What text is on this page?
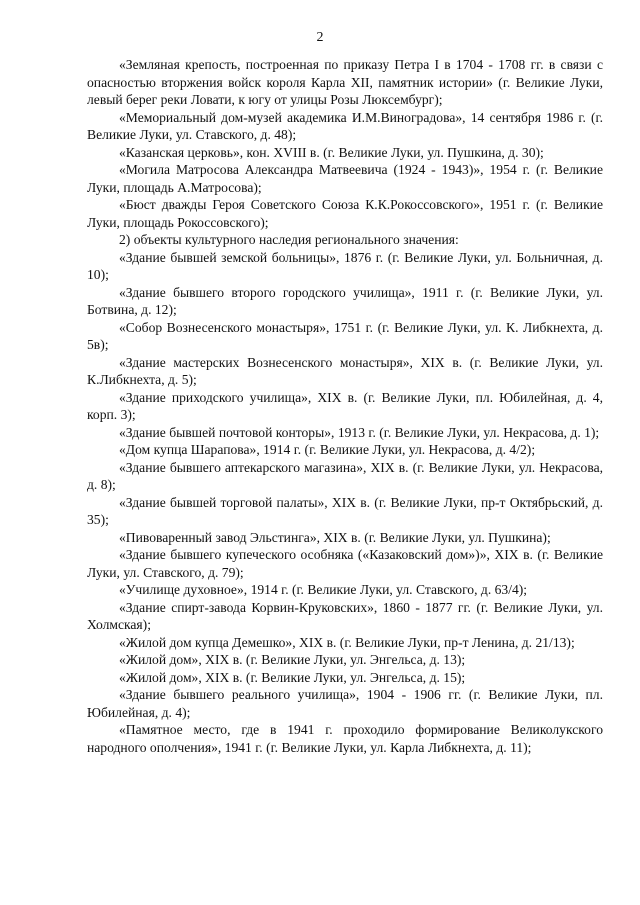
2

«Земляная крепость, построенная по приказу Петра I в 1704 - 1708 гг. в связи с опасностью вторжения войск короля Карла XII, памятник истории» (г. Великие Луки, левый берег реки Ловати, к югу от улицы Розы Люксембург);

«Мемориальный дом-музей академика И.М.Виноградова», 14 сентября 1986 г. (г. Великие Луки, ул. Ставского, д. 48);

«Казанская церковь», кон. XVIII в. (г. Великие Луки, ул. Пушкина, д. 30);

«Могила Матросова Александра Матвеевича (1924 - 1943)», 1954 г. (г. Великие Луки, площадь А.Матросова);

«Бюст дважды Героя Советского Союза К.К.Рокоссовского», 1951 г. (г. Великие Луки, площадь Рокоссовского);

2) объекты культурного наследия регионального значения:

«Здание бывшей земской больницы», 1876 г. (г. Великие Луки, ул. Больничная, д. 10);

«Здание бывшего второго городского училища», 1911 г. (г. Великие Луки, ул. Ботвина, д. 12);

«Собор Вознесенского монастыря», 1751 г. (г. Великие Луки, ул. К. Либкнехта, д. 5в);

«Здание мастерских Вознесенского монастыря», XIX в. (г. Великие Луки, ул. К.Либкнехта, д. 5);

«Здание приходского училища», XIX в. (г. Великие Луки, пл. Юбилейная, д. 4, корп. 3);

«Здание бывшей почтовой конторы», 1913 г. (г. Великие Луки, ул. Некрасова, д. 1);

«Дом купца Шарапова», 1914 г. (г. Великие Луки, ул. Некрасова, д. 4/2);

«Здание бывшего аптекарского магазина», XIX в. (г. Великие Луки, ул. Некрасова, д. 8);

«Здание бывшей торговой палаты», XIX в. (г. Великие Луки, пр-т Октябрьский, д. 35);

«Пивоваренный завод Эльстинга», XIX в. (г. Великие Луки, ул. Пушкина);

«Здание бывшего купеческого особняка («Казаковский дом»)», XIX в. (г. Великие Луки, ул. Ставского, д. 79);

«Училище духовное», 1914 г. (г. Великие Луки, ул. Ставского, д. 63/4);

«Здание спирт-завода Корвин-Круковских», 1860 - 1877 гг. (г. Великие Луки, ул. Холмская);

«Жилой дом купца Демешко», XIX в. (г. Великие Луки, пр-т Ленина, д. 21/13);

«Жилой дом», XIX в. (г. Великие Луки, ул. Энгельса, д. 13);

«Жилой дом», XIX в. (г. Великие Луки, ул. Энгельса, д. 15);

«Здание бывшего реального училища», 1904 - 1906 гг. (г. Великие Луки, пл. Юбилейная, д. 4);

«Памятное место, где в 1941 г. проходило формирование Великолукского народного ополчения», 1941 г. (г. Великие Луки, ул. Карла Либкнехта, д. 11);
